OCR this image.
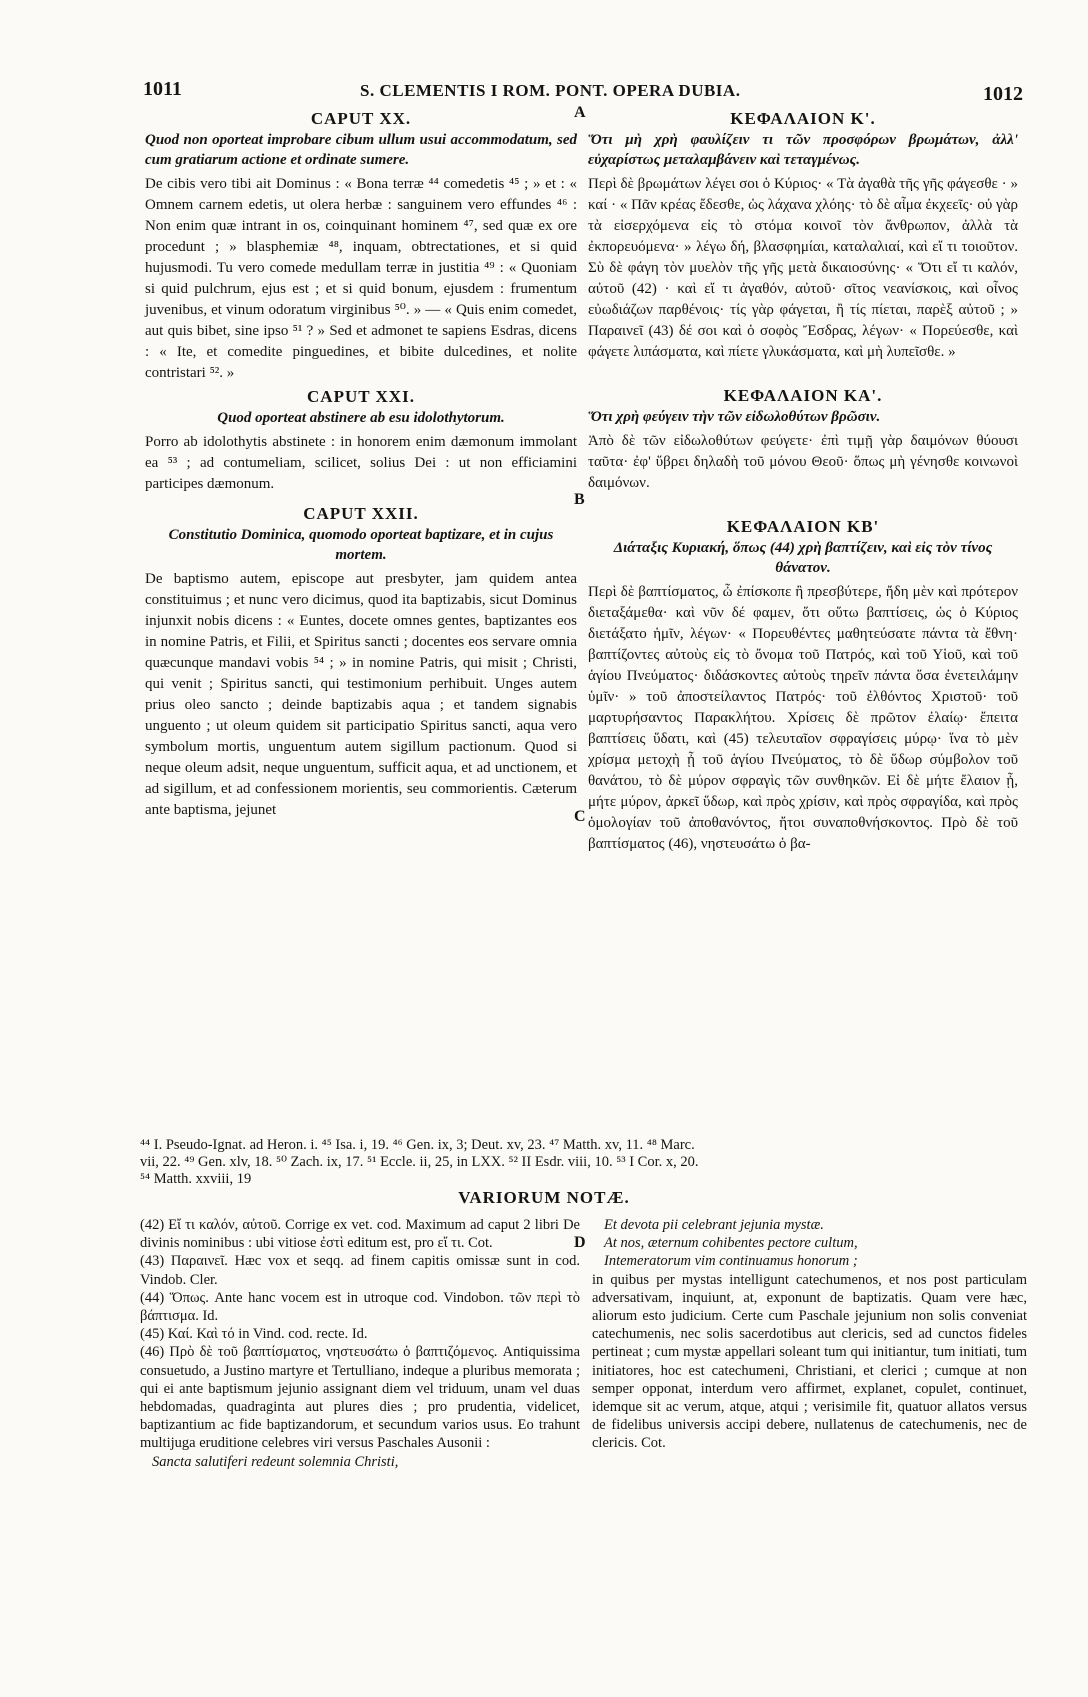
1011	S. CLEMENTIS I ROM. PONT. OPERA DUBIA.	1012
A
B
C
D
CAPUT XX.
Quod non oporteat improbare cibum ullum usui accommodatum, sed cum gratiarum actione et ordinate sumere.

De cibis vero tibi ait Dominus : « Bona terræ ⁴⁴ comedetis ⁴⁵ ; » et : « Omnem carnem edetis, ut olera herbæ : sanguinem vero effundes ⁴⁶ : Non enim quæ intrant in os, coinquinant hominem ⁴⁷, sed quæ ex ore procedunt ; » blasphemiæ ⁴⁸, inquam, obtrectationes, et si quid hujusmodi. Tu vero comede medullam terræ in justitia ⁴⁹ : « Quoniam si quid pulchrum, ejus est ; et si quid bonum, ejusdem : frumentum juvenibus, et vinum odoratum virginibus ⁵⁰. » — « Quis enim comedet, aut quis bibet, sine ipso ⁵¹ ? » Sed et admonet te sapiens Esdras, dicens : « Ite, et comedite pinguedines, et bibite dulcedines, et nolite contristari ⁵². »

CAPUT XXI.
Quod oporteat abstinere ab esu idolothytorum.

Porro ab idolothytis abstinete : in honorem enim dæmonum immolant ea ⁵³ ; ad contumeliam, scilicet, solius Dei : ut non efficiamini participes dæmonum.

CAPUT XXII.
Constitutio Dominica, quomodo oporteat baptizare, et in cujus mortem.

De baptismo autem, episcope aut presbyter, jam quidem antea constituimus ; et nunc vero dicimus, quod ita baptizabis, sicut Dominus injunxit nobis dicens : « Euntes, docete omnes gentes, baptizantes eos in nomine Patris, et Filii, et Spiritus sancti ; docentes eos servare omnia quæcunque mandavi vobis ⁵⁴ ; » in nomine Patris, qui misit ; Christi, qui venit ; Spiritus sancti, qui testimonium perhibuit. Unges autem prius oleo sancto ; deinde baptizabis aqua ; et tandem signabis unguento ; ut oleum quidem sit participatio Spiritus sancti, aqua vero symbolum mortis, unguentum autem sigillum pactionum. Quod si neque oleum adsit, neque unguentum, sufficit aqua, et ad unctionem, et ad sigillum, et ad confessionem morientis, seu commorientis. Cæterum ante baptisma, jejunet

ΚΕΦΑΛΑΙΟΝ Κ'.
Ὅτι μὴ χρὴ φαυλίζειν τι τῶν προσφόρων βρωμάτων, ἀλλ' εὐχαρίστως μεταλαμβάνειν καὶ τεταγμένως.

Περὶ δὲ βρωμάτων λέγει σοι ὁ Κύριος· « Τὰ ἀγαθὰ τῆς γῆς φάγεσθε · » καί · « Πᾶν κρέας ἔδεσθε, ὡς λάχανα χλόης· τὸ δὲ αἷμα ἐκχεεῖς· οὐ γὰρ τὰ εἰσερχόμενα εἰς τὸ στόμα κοινοῖ τὸν ἄνθρωπον, ἀλλὰ τὰ ἐκπορευόμενα· » λέγω δή, βλασφημίαι, καταλαλιαί, καὶ εἴ τι τοιοῦτον. Σὺ δὲ φάγη τὸν μυελὸν τῆς γῆς μετὰ δικαιοσύνης· « Ὅτι εἴ τι καλόν, αὐτοῦ (42) · καὶ εἴ τι ἀγαθόν, αὐτοῦ· σῖτος νεανίσκοις, καὶ οἶνος εὐωδιάζων παρθένοις· τίς γὰρ φάγεται, ἢ τίς πίεται, παρὲξ αὐτοῦ ; » Παραινεῖ (43) δέ σοι καὶ ὁ σοφὸς Ἔσδρας, λέγων· « Πορεύεσθε, καὶ φάγετε λιπάσματα, καὶ πίετε γλυκάσματα, καὶ μὴ λυπεῖσθε. »

ΚΕΦΑΛΑΙΟΝ ΚΑ'.
Ὅτι χρὴ φεύγειν τὴν τῶν εἰδωλοθύτων βρῶσιν.

Ἀπὸ δὲ τῶν εἰδωλοθύτων φεύγετε· ἐπὶ τιμῇ γὰρ δαιμόνων θύουσι ταῦτα· ἐφ' ὕβρει δηλαδὴ τοῦ μόνου Θεοῦ· ὅπως μὴ γένησθε κοινωνοὶ δαιμόνων.

ΚΕΦΑΛΑΙΟΝ ΚΒ'
Διάταξις Κυριακή, ὅπως (44) χρὴ βαπτίζειν, καὶ εἰς τὸν τίνος θάνατον.

Περὶ δὲ βαπτίσματος, ὦ ἐπίσκοπε ἢ πρεσβύτερε, ἤδη μὲν καὶ πρότερον διεταξάμεθα· καὶ νῦν δέ φαμεν, ὅτι οὕτω βαπτίσεις, ὡς ὁ Κύριος διετάξατο ἡμῖν, λέγων· « Πορευθέντες μαθητεύσατε πάντα τὰ ἔθνη· βαπτίζοντες αὐτοὺς εἰς τὸ ὄνομα τοῦ Πατρός, καὶ τοῦ Υἱοῦ, καὶ τοῦ ἁγίου Πνεύματος· διδάσκοντες αὐτοὺς τηρεῖν πάντα ὅσα ἐνετειλάμην ὑμῖν· » τοῦ ἀποστείλαντος Πατρός· τοῦ ἐλθόντος Χριστοῦ· τοῦ μαρτυρήσαντος Παρακλήτου. Χρίσεις δὲ πρῶτον ἐλαίῳ· ἔπειτα βαπτίσεις ὕδατι, καὶ (45) τελευταῖον σφραγίσεις μύρῳ· ἵνα τὸ μὲν χρίσμα μετοχὴ ᾖ τοῦ ἁγίου Πνεύματος, τὸ δὲ ὕδωρ σύμβολον τοῦ θανάτου, τὸ δὲ μύρον σφραγὶς τῶν συνθηκῶν. Εἰ δὲ μήτε ἔλαιον ᾖ, μήτε μύρον, ἀρκεῖ ὕδωρ, καὶ πρὸς χρίσιν, καὶ πρὸς σφραγίδα, καὶ πρὸς ὁμολογίαν τοῦ ἀποθανόντος, ἤτοι συναποθνήσκοντος. Πρὸ δὲ τοῦ βαπτίσματος (46), νηστευσάτω ὁ βα-

⁴⁴ I. Pseudo-Ignat. ad Heron. i. ⁴⁵ Isa. i, 19. ⁴⁶ Gen. ix, 3; Deut. xv, 23. ⁴⁷ Matth. xv, 11. ⁴⁸ Marc.

vii, 22. ⁴⁹ Gen. xlv, 18. ⁵⁰ Zach. ix, 17. ⁵¹ Eccle. ii, 25, in LXX. ⁵² II Esdr. viii, 10. ⁵³ I Cor. x, 20.

⁵⁴ Matth. xxviii, 19

VARIORUM NOTÆ.

(42) Εἴ τι καλόν, αὐτοῦ. Corrige ex vet. cod. Maximum ad caput 2 libri De divinis nominibus : ubi vitiose ἐστὶ editum est, pro εἴ τι. Cot.

(43) Παραινεῖ. Hæc vox et seqq. ad finem capitis omissæ sunt in cod. Vindob. Cler.

(44) Ὅπως. Ante hanc vocem est in utroque cod. Vindobon. τῶν περὶ τὸ βάπτισμα. Id.

(45) Καί. Καὶ τό in Vind. cod. recte. Id.

(46) Πρὸ δὲ τοῦ βαπτίσματος, νηστευσάτω ὁ βαπτιζόμενος. Antiquissima consuetudo, a Justino martyre et Tertulliano, indeque a pluribus memorata ; qui ei ante baptismum jejunio assignant diem vel triduum, unam vel duas hebdomadas, quadraginta aut plures dies ; pro prudentia, videlicet, baptizantium ac fide baptizandorum, et secundum varios usus. Eo trahunt multijuga eruditione celebres viri versus Paschales Ausonii :

Sancta salutiferi redeunt solemnia Christi,

Et devota pii celebrant jejunia mystæ.

At nos, æternum cohibentes pectore cultum,

Intemeratorum vim continuamus honorum ;

in quibus per mystas intelligunt catechumenos, et nos post particulam adversativam, inquiunt, at, exponunt de baptizatis. Quam vere hæc, aliorum esto judicium. Certe cum Paschale jejunium non solis conveniat catechumenis, nec solis sacerdotibus aut clericis, sed ad cunctos fideles pertineat ; cum mystæ appellari soleant tum qui initiantur, tum initiati, tum initiatores, hoc est catechumeni, Christiani, et clerici ; cumque at non semper opponat, interdum vero affirmet, explanet, copulet, continuet, idemque sit ac verum, atque, atqui ; verisimile fit, quatuor allatos versus de fidelibus universis accipi debere, nullatenus de catechumenis, nec de clericis. Cot.
